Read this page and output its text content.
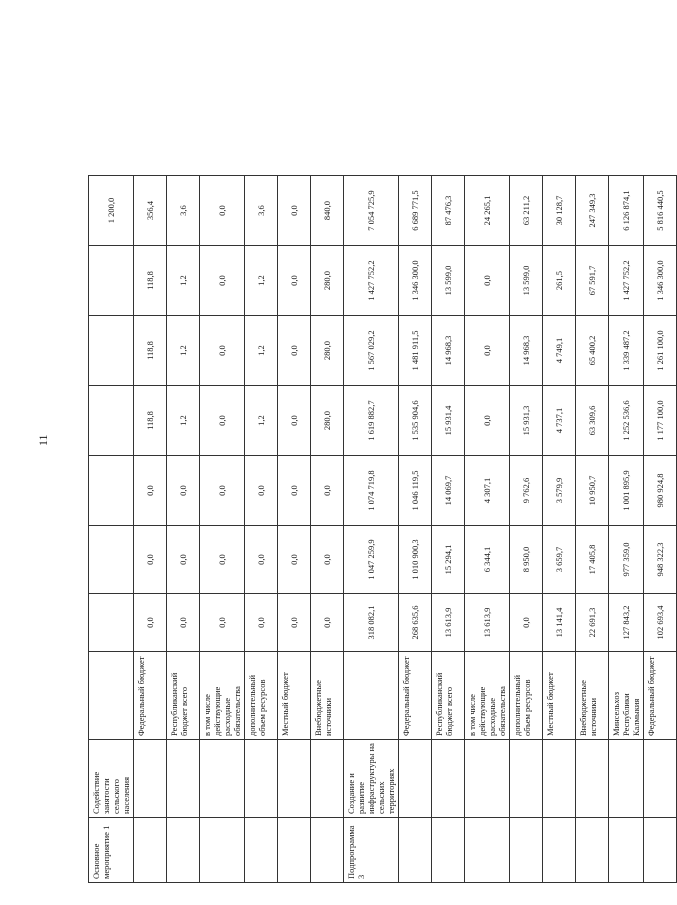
11
Основное мероприятие 1	Содействие занятости сельского населения								1 200,0
		Федеральный бюджет	0,0	0,0	0,0	118,8	118,8	118,8	356,4
		Республиканский бюджет всего	0,0	0,0	0,0	1,2	1,2	1,2	3,6
		в том числе действующие расходные обязательства	0,0	0,0	0,0	0,0	0,0	0,0	0,0
		дополнительный объем ресурсов	0,0	0,0	0,0	1,2	1,2	1,2	3,6
		Местный бюджет	0,0	0,0	0,0	0,0	0,0	0,0	0,0
		Внебюджетные источники	0,0	0,0	0,0	280,0	280,0	280,0	840,0
Подпрограмма 3	Создание и развитие инфраструктуры на сельских территориях		318 082,1	1 047 259,9	1 074 719,8	1 619 882,7	1 567 029,2	1 427 752,2	7 054 725,9
		Федеральный бюджет	268 635,6	1 010 900,3	1 046 119,5	1 535 904,6	1 481 911,5	1 346 300,0	6 689 771,5
		Республиканский бюджет всего	13 613,9	15 294,1	14 069,7	15 931,4	14 968,3	13 599,0	87 476,3
		в том числе действующие расходные обязательства	13 613,9	6 344,1	4 307,1	0,0	0,0	0,0	24 265,1
		дополнительный объем ресурсов	0,0	8 950,0	9 762,6	15 931,3	14 968,3	13 599,0	63 211,2
		Местный бюджет	13 141,4	3 659,7	3 579,9	4 737,1	4 749,1	261,5	30 128,7
		Внебюджетные источники	22 691,3	17 405,8	10 950,7	63 309,6	65 400,2	67 591,7	247 349,3
		Минсельхоз Республики Калмыкия	127 843,2	977 359,0	1 001 895,9	1 252 536,6	1 339 487,2	1 427 752,2	6 126 874,1
		Федеральный бюджет	102 693,4	948 322,3	980 924,8	1 177 100,0	1 261 100,0	1 346 300,0	5 816 440,5
